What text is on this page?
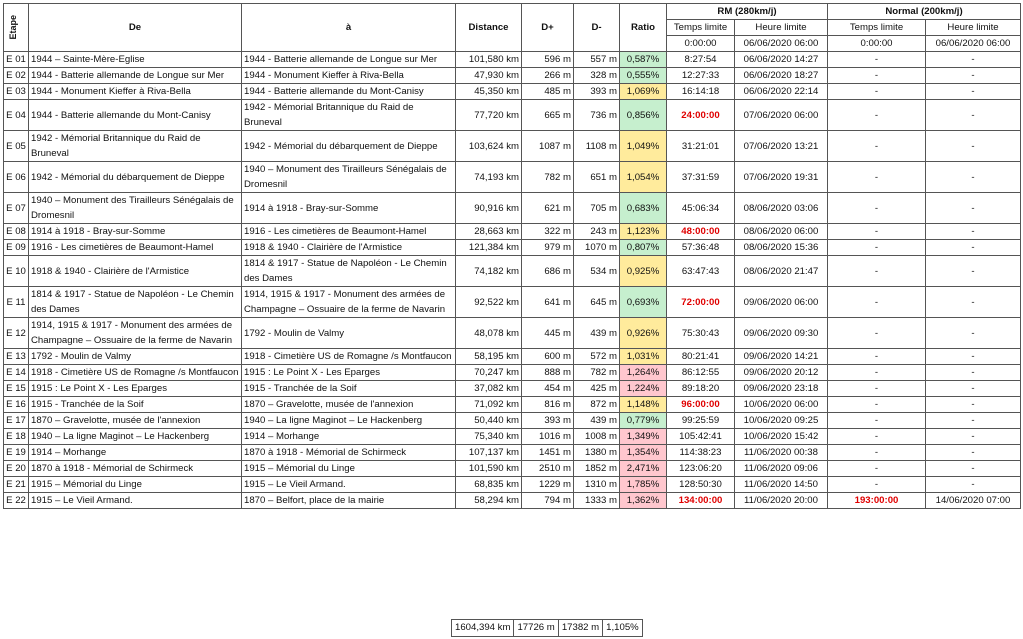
Etape	De	à	Distance	D+	D-	Ratio	RM (280km/j)		Normal (200km/j)	
							Temps limite	Heure limite	Temps limite	Heure limite
							0:00:00	06/06/2020 06:00	0:00:00	06/06/2020 06:00
E 01	1944 – Sainte-Mère-Eglise	1944 - Batterie allemande de Longue sur Mer	101,580 km	596 m	557 m	0,587%	8:27:54	06/06/2020 14:27	-	-
E 02	1944 - Batterie allemande de Longue sur Mer	1944 - Monument Kieffer à Riva-Bella	47,930 km	266 m	328 m	0,555%	12:27:33	06/06/2020 18:27	-	-
E 03	1944 - Monument Kieffer à Riva-Bella	1944 - Batterie allemande du Mont-Canisy	45,350 km	485 m	393 m	1,069%	16:14:18	06/06/2020 22:14	-	-
E 04	1944 - Batterie allemande du Mont-Canisy	1942 - Mémorial Britannique du Raid de Bruneval	77,720 km	665 m	736 m	0,856%	24:00:00	07/06/2020 06:00	-	-
E 05	1942 - Mémorial Britannique du Raid de Bruneval	1942 - Mémorial du débarquement de Dieppe	103,624 km	1087 m	1108 m	1,049%	31:21:01	07/06/2020 13:21	-	-
E 06	1942 - Mémorial du débarquement de Dieppe	1940 – Monument des Tirailleurs Sénégalais de Dromesnil	74,193 km	782 m	651 m	1,054%	37:31:59	07/06/2020 19:31	-	-
E 07	1940 – Monument des Tirailleurs Sénégalais de Dromesnil	1914 à 1918 - Bray-sur-Somme	90,916 km	621 m	705 m	0,683%	45:06:34	08/06/2020 03:06	-	-
E 08	1914 à 1918 - Bray-sur-Somme	1916 - Les cimetières de Beaumont-Hamel	28,663 km	322 m	243 m	1,123%	48:00:00	08/06/2020 06:00	-	-
E 09	1916 - Les cimetières de Beaumont-Hamel	1918 & 1940 - Clairière de l'Armistice	121,384 km	979 m	1070 m	0,807%	57:36:48	08/06/2020 15:36	-	-
E 10	1918 & 1940 - Clairière de l'Armistice	1814 & 1917 - Statue de Napoléon - Le Chemin des Dames	74,182 km	686 m	534 m	0,925%	63:47:43	08/06/2020 21:47	-	-
E 11	1814 & 1917 - Statue de Napoléon - Le Chemin des Dames	1914, 1915 & 1917 - Monument des armées de Champagne – Ossuaire de la ferme de Navarin	92,522 km	641 m	645 m	0,693%	72:00:00	09/06/2020 06:00	-	-
E 12	1914, 1915 & 1917 - Monument des armées de Champagne – Ossuaire de la ferme de Navarin	1792 - Moulin de Valmy	48,078 km	445 m	439 m	0,926%	75:30:43	09/06/2020 09:30	-	-
E 13	1792 - Moulin de Valmy	1918 - Cimetière US de Romagne /s Montfaucon	58,195 km	600 m	572 m	1,031%	80:21:41	09/06/2020 14:21	-	-
E 14	1918 - Cimetière US de Romagne /s Montfaucon	1915 : Le Point X - Les Eparges	70,247 km	888 m	782 m	1,264%	86:12:55	09/06/2020 20:12	-	-
E 15	1915 : Le Point X - Les Eparges	1915 - Tranchée de la Soif	37,082 km	454 m	425 m	1,224%	89:18:20	09/06/2020 23:18	-	-
E 16	1915 - Tranchée de la Soif	1870 – Gravelotte, musée de l'annexion	71,092 km	816 m	872 m	1,148%	96:00:00	10/06/2020 06:00	-	-
E 17	1870 – Gravelotte, musée de l'annexion	1940 – La ligne Maginot – Le Hackenberg	50,440 km	393 m	439 m	0,779%	99:25:59	10/06/2020 09:25	-	-
E 18	1940 – La ligne Maginot – Le Hackenberg	1914 – Morhange	75,340 km	1016 m	1008 m	1,349%	105:42:41	10/06/2020 15:42	-	-
E 19	1914 – Morhange	1870 à 1918 - Mémorial de Schirmeck	107,137 km	1451 m	1380 m	1,354%	114:38:23	11/06/2020 00:38	-	-
E 20	1870 à 1918 - Mémorial de Schirmeck	1915 – Mémorial du Linge	101,590 km	2510 m	1852 m	2,471%	123:06:20	11/06/2020 09:06	-	-
E 21	1915 – Mémorial du Linge	1915 – Le Vieil Armand.	68,835 km	1229 m	1310 m	1,785%	128:50:30	11/06/2020 14:50	-	-
E 22	1915 – Le Vieil Armand.	1870 – Belfort, place de la mairie	58,294 km	794 m	1333 m	1,362%	134:00:00	11/06/2020 20:00	193:00:00	14/06/2020 07:00
1604,394 km	17726 m	17382 m	1,105%
